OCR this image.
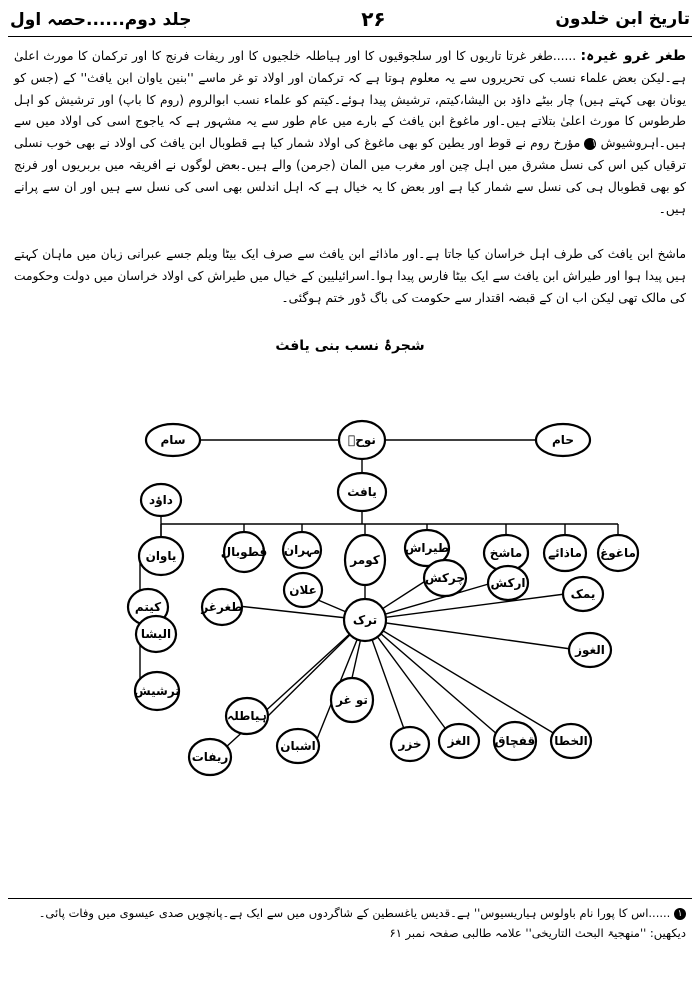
تاریخ ابن خلدون
۲۶
جلد دوم......حصہ اول
طغر غرو غیرہ: ......طغر غرتا تاریوں کا اور سلجوقیوں کا اور ہیاطلہ خلجیوں کا اور ریفات فرنج کا اور ترکمان کا مورث اعلیٰ ہے۔لیکن بعض علماء نسب کی تحریروں سے یہ معلوم ہوتا ہے کہ ترکمان اور اولاد تو غر ماسے ''بنین یاوان ابن یافث'' کے (جس کو یونان بھی کہتے ہیں) چار بیٹے داؤد بن الیشا،کیتم، ترشیش پیدا ہوئے۔کیتم کو علماء نسب ابوالروم (روم کا باپ) اور ترشیش کو اہل طرطوس کا مورث اعلیٰ بتلاتے ہیں۔اور ماغوغ ابن یافث کے بارے میں عام طور سے یہ مشہور ہے کہ یاجوج اسی کی اولاد میں سے ہیں۔اہروشیوش ۱ مؤرخ روم نے قوط اور یطین کو بھی ماغوغ کی اولاد شمار کیا ہے قطوبال ابن یافث کی اولاد نے بھی خوب نسلی ترقیاں کیں اس کی نسل مشرق میں اہل چین اور مغرب میں المان (جرمن) والے ہیں۔بعض لوگوں نے افریقہ میں بربریوں اور فرنج کو بھی قطوبال ہی کی نسل سے شمار کیا ہے اور بعض کا یہ خیال ہے کہ اہل اندلس بھی اسی کی نسل سے ہیں اور ان سے پرانے ہیں۔
ماشخ ابن یافث کی طرف اہل خراسان کیا جاتا ہے۔اور ماذائے ابن یافث سے صرف ایک بیٹا ویلم جسے عبرانی زبان میں ماہان کہتے ہیں پیدا ہوا اور طیراش ابن یافث سے ایک بیٹا فارس پیدا ہوا۔اسرائیلیین کے خیال میں طیراش کی اولاد خراسان میں دولت وحکومت کی مالک تھی لیکن اب ان کے قبضہ اقتدار سے حکومت کی باگ ڈور ختم ہوگئی۔
شجرۂ نسب بنی یافث
سام	نوحؑ	حام
یافث
ماغوغ
ماذائے
ماشخ
طیراش
کومر
مہران
قطوبال
یاوان
داؤد
کیتم
الیشا
ترشیش
ترک
طغرغر
علان
چرکش ارکش
یمک
الغوز
الخطا
قفچاق
الغز
خزر
اشبان
تو غر
ہیاطلہ
ریفات
۱ ......اس کا پورا نام باولوس ہیاریسیوس'' ہے۔قدیس یاغسطین کے شاگردوں میں سے ایک ہے۔پانچویں صدی عیسوی میں وفات پائی۔دیکھیں: ''منھجیۃ البحث التاریخی'' علامہ طالبی صفحہ نمبر ۶۱
